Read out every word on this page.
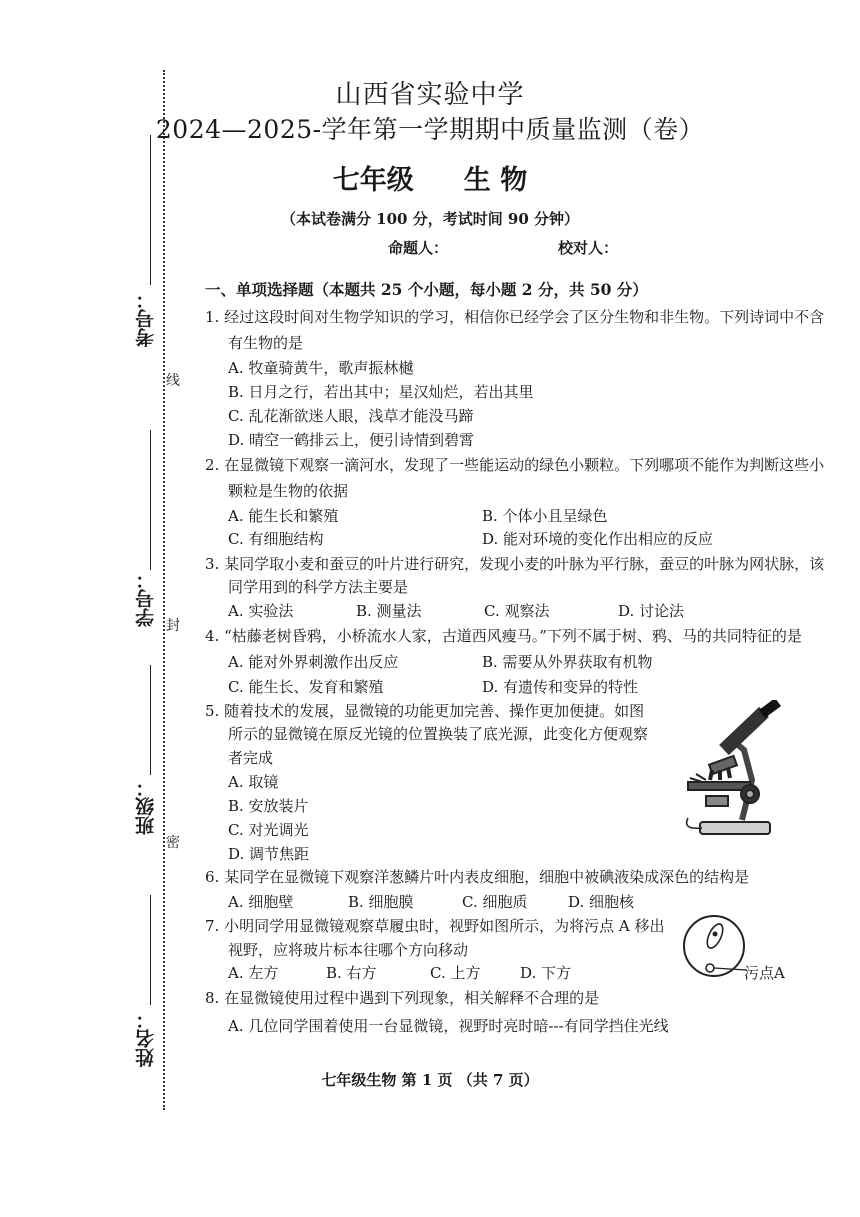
考号：
线
学号： 封
班级：
密
姓名：
山西省实验中学
2024—2025-学年第一学期期中质量监测（卷）
七年级 生 物
（本试卷满分 100 分，考试时间 90 分钟）
命题人：	校对人：
一、单项选择题（本题共 25 个小题，每小题 2 分，共 50 分）
1. 经过这段时间对生物学知识的学习，相信你已经学会了区分生物和非生物。下列诗词中不含
有生物的是
A. 牧童骑黄牛，歌声振林樾
B. 日月之行，若出其中；星汉灿烂，若出其里
C. 乱花渐欲迷人眼，浅草才能没马蹄
D. 晴空一鹤排云上，便引诗情到碧霄
2. 在显微镜下观察一滴河水，发现了一些能运动的绿色小颗粒。下列哪项不能作为判断这些小
颗粒是生物的依据
A. 能生长和繁殖	B. 个体小且呈绿色
C. 有细胞结构	D. 能对环境的变化作出相应的反应
3. 某同学取小麦和蚕豆的叶片进行研究，发现小麦的叶脉为平行脉，蚕豆的叶脉为网状脉，该
同学用到的科学方法主要是
A. 实验法	B. 测量法	C. 观察法	D. 讨论法
4. “枯藤老树昏鸦，小桥流水人家，古道西风瘦马。”下列不属于树、鸦、马的共同特征的是
A. 能对外界刺激作出反应	B. 需要从外界获取有机物
C. 能生长、发育和繁殖	D. 有遗传和变异的特性
5. 随着技术的发展，显微镜的功能更加完善、操作更加便捷。如图
所示的显微镜在原反光镜的位置换装了底光源，此变化方便观察
者完成
A. 取镜
B. 安放装片
C. 对光调光
D. 调节焦距
6. 某同学在显微镜下观察洋葱鳞片叶内表皮细胞，细胞中被碘液染成深色的结构是
A. 细胞壁	B. 细胞膜	C. 细胞质	D. 细胞核
7. 小明同学用显微镜观察草履虫时，视野如图所示，为将污点 A 移出
视野，应将玻片标本往哪个方向移动
A. 左方	B. 右方	C. 上方	D. 下方	污点A
8. 在显微镜使用过程中遇到下列现象，相关解释不合理的是
A. 几位同学围着使用一台显微镜，视野时亮时暗---有同学挡住光线
七年级生物 第 1 页 （共 7 页）
